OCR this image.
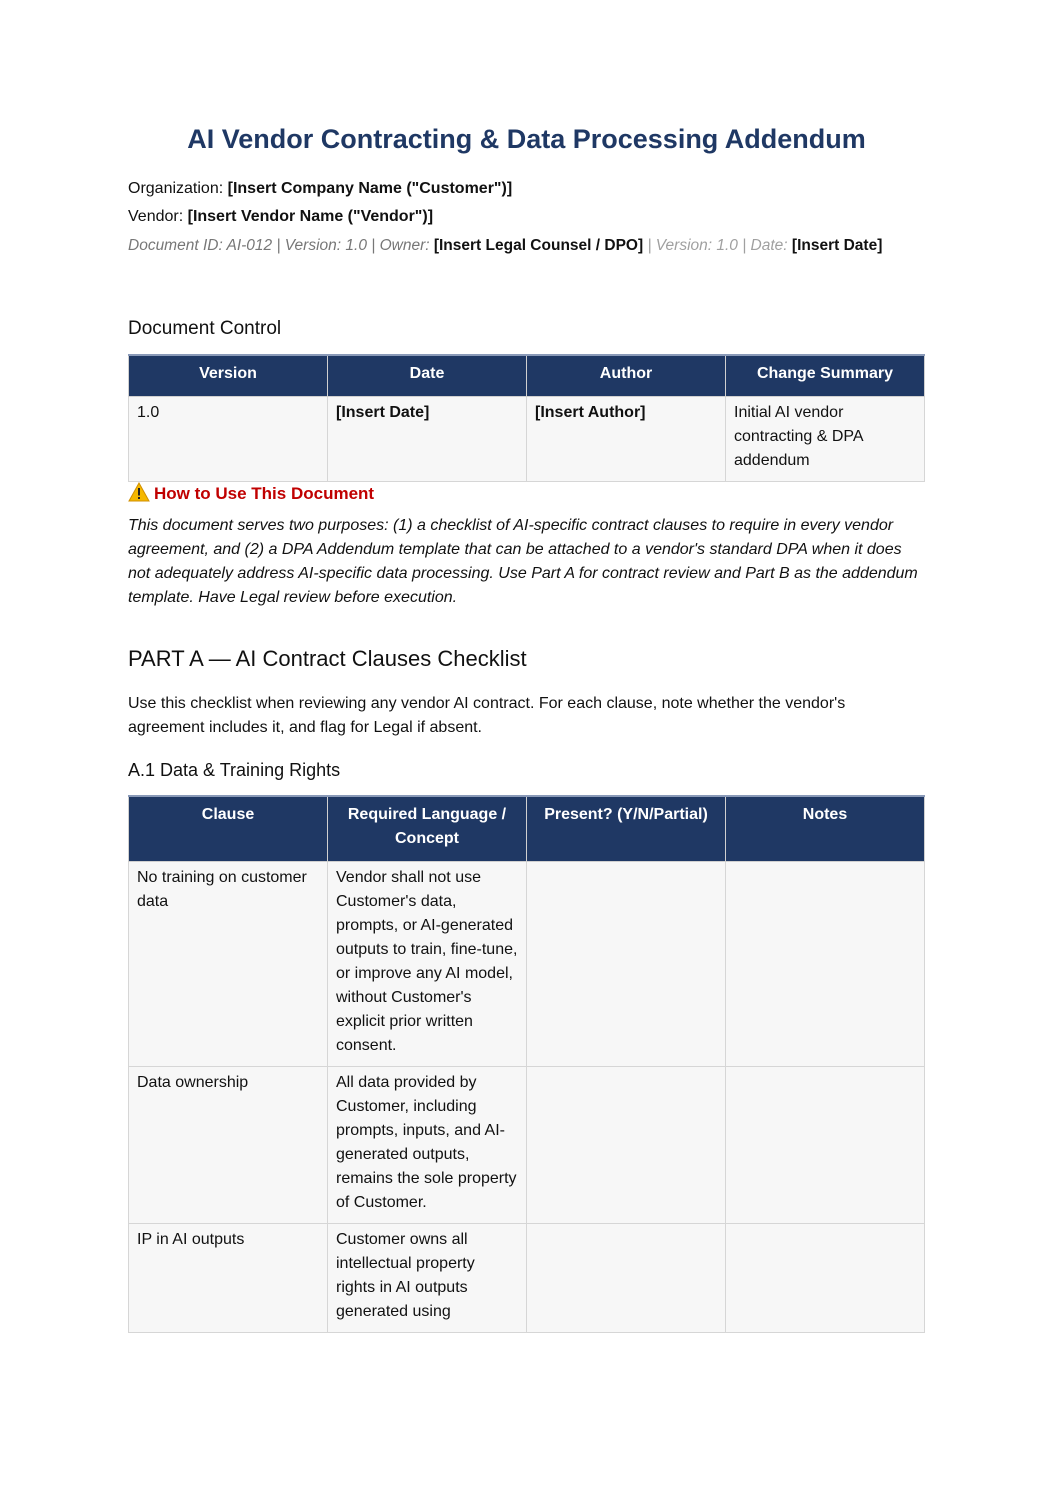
AI Vendor Contracting & Data Processing Addendum

Organization: [Insert Company Name ("Customer")]

Vendor: [Insert Vendor Name ("Vendor")]

Document ID: AI-012 | Version: 1.0 | Owner: [Insert Legal Counsel / DPO] | Version: 1.0 | Date: [Insert Date]

Document Control
Version	Date	Author	Change Summary
1.0	[Insert Date]	[Insert Author]	Initial AI vendor contracting & DPA addendum

How to Use This Document

This document serves two purposes: (1) a checklist of AI-specific contract clauses to require in every vendor agreement, and (2) a DPA Addendum template that can be attached to a vendor's standard DPA when it does not adequately address AI-specific data processing. Use Part A for contract review and Part B as the addendum template. Have Legal review before execution.

PART A — AI Contract Clauses Checklist

Use this checklist when reviewing any vendor AI contract. For each clause, note whether the vendor's agreement includes it, and flag for Legal if absent.

A.1 Data & Training Rights
Clause	Required Language / Concept	Present? (Y/N/Partial)	Notes
No training on customer data	Vendor shall not use Customer's data, prompts, or AI-generated outputs to train, fine-tune, or improve any AI model, without Customer's explicit prior written consent.		
Data ownership	All data provided by Customer, including prompts, inputs, and AI-generated outputs, remains the sole property of Customer.		
IP in AI outputs	Customer owns all intellectual property rights in AI outputs generated using		
